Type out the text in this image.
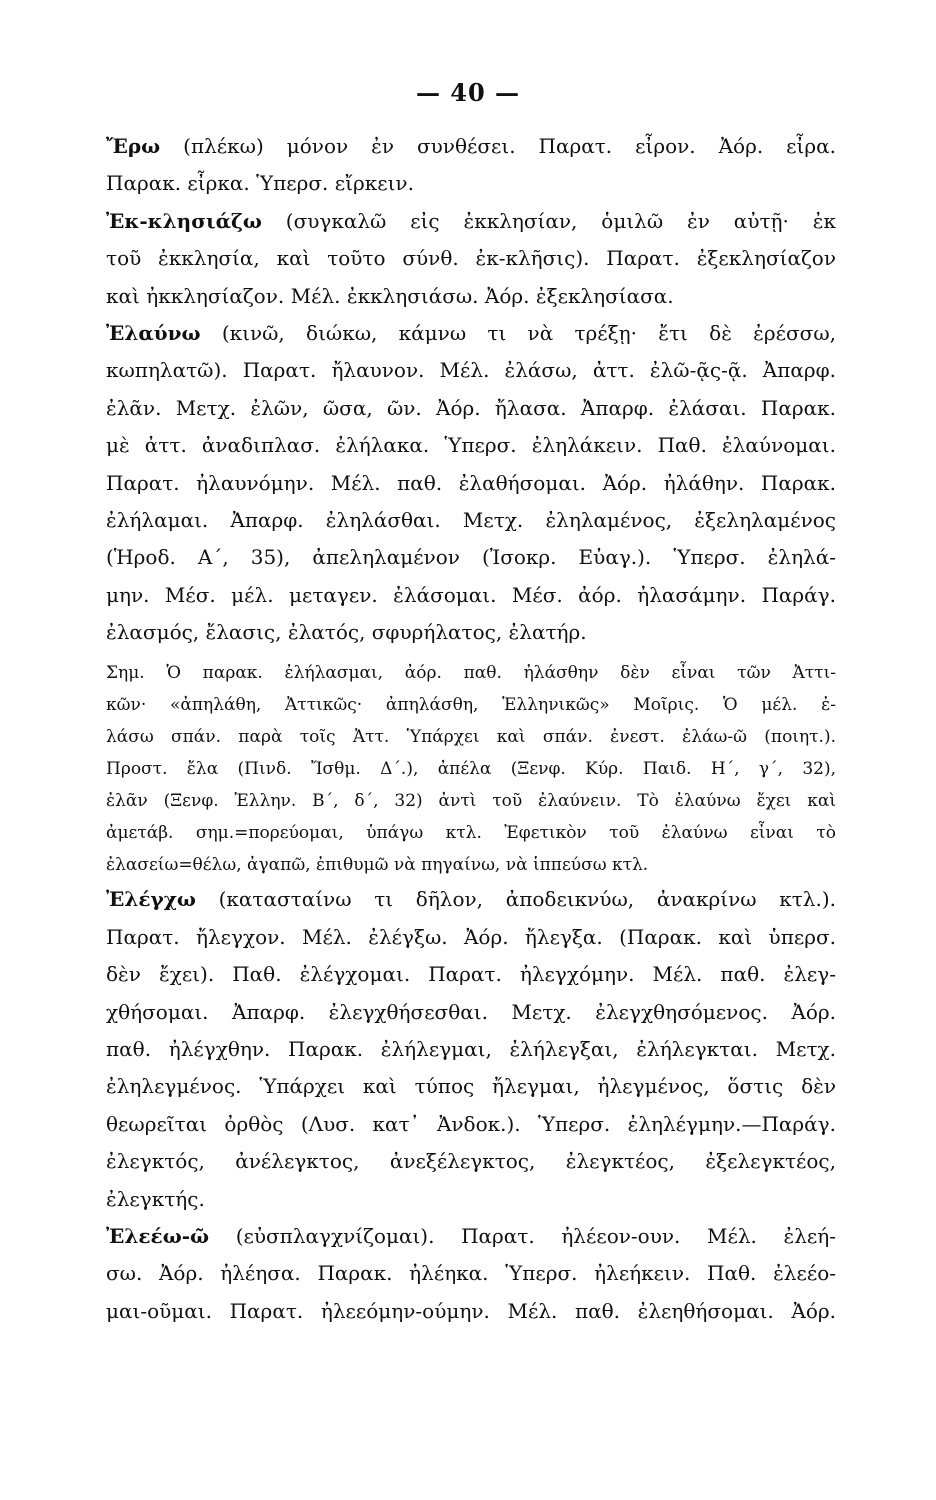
— 40 —
Ἔρω (πλέκω) μόνον ἐν συνθέσει. Παρατ. εἶρον. Ἀόρ. εἶρα.
Παρακ. εἶρκα. Ὑπερσ. εἴρκειν.
Ἐκ-κλησιάζω (συγκαλῶ εἰς ἐκκλησίαν, ὁμιλῶ ἐν αὐτῇ· ἐκ
τοῦ ἐκκλησία, καὶ τοῦτο σύνθ. ἐκ-κλῆσις). Παρατ. ἐξεκλησίαζον
καὶ ἠκκλησίαζον. Μέλ. ἐκκλησιάσω. Ἀόρ. ἐξεκλησίασα.
Ἐλαύνω (κινῶ, διώκω, κάμνω τι νὰ τρέξῃ· ἔτι δὲ ἐρέσσω,
κωπηλατῶ). Παρατ. ἤλαυνον. Μέλ. ἐλάσω, ἀττ. ἐλῶ-ᾷς-ᾷ. Ἀπαρφ.
ἐλᾶν. Μετχ. ἐλῶν, ῶσα, ῶν. Ἀόρ. ἤλασα. Ἀπαρφ. ἐλάσαι. Παρακ.
μὲ ἀττ. ἀναδιπλασ. ἐλήλακα. Ὑπερσ. ἐληλάκειν. Παθ. ἐλαύνομαι.
Παρατ. ἠλαυνόμην. Μέλ. παθ. ἐλαθήσομαι. Ἀόρ. ἠλάθην. Παρακ.
ἐλήλαμαι. Ἀπαρφ. ἐληλάσθαι. Μετχ. ἐληλαμένος, ἐξεληλαμένος
(Ἡροδ. Α΄, 35), ἀπεληλαμένον (Ἰσοκρ. Εὐαγ.). Ὑπερσ. ἐληλά-
μην. Μέσ. μέλ. μεταγεν. ἐλάσομαι. Μέσ. ἀόρ. ἠλασάμην. Παράγ.
ἐλασμός, ἔλασις, ἐλατός, σφυρήλατος, ἐλατήρ.
Σημ. Ὁ παρακ. ἐλήλασμαι, ἀόρ. παθ. ἠλάσθην δὲν εἶναι τῶν Ἀττι-
κῶν· «ἀπηλάθη, Ἀττικῶς· ἀπηλάσθη, Ἑλληνικῶς» Μοῖρις. Ὁ μέλ. ἐ-
λάσω σπάν. παρὰ τοῖς Ἀττ. Ὑπάρχει καὶ σπάν. ἐνεστ. ἐλάω-ῶ (ποιητ.).
Προστ. ἔλα (Πινδ. Ἴσθμ. Δ΄.), ἀπέλα (Ξενφ. Κύρ. Παιδ. Η΄, γ΄, 32),
ἐλᾶν (Ξενφ. Ἑλλην. Β΄, δ΄, 32) ἀντὶ τοῦ ἐλαύνειν. Τὸ ἐλαύνω ἔχει καὶ
ἀμετάβ. σημ.=πορεύομαι, ὑπάγω κτλ. Ἐφετικὸν τοῦ ἐλαύνω εἶναι τὸ
ἐλασείω=θέλω, ἀγαπῶ, ἐπιθυμῶ νὰ πηγαίνω, νὰ ἱππεύσω κτλ.
Ἐλέγχω (κατασταίνω τι δῆλον, ἀποδεικνύω, ἀνακρίνω κτλ.).
Παρατ. ἤλεγχον. Μέλ. ἐλέγξω. Ἀόρ. ἤλεγξα. (Παρακ. καὶ ὑπερσ.
δὲν ἔχει). Παθ. ἐλέγχομαι. Παρατ. ἠλεγχόμην. Μέλ. παθ. ἐλεγ-
χθήσομαι. Ἀπαρφ. ἐλεγχθήσεσθαι. Μετχ. ἐλεγχθησόμενος. Ἀόρ.
παθ. ἠλέγχθην. Παρακ. ἐλήλεγμαι, ἐλήλεγξαι, ἐλήλεγκται. Μετχ.
ἐληλεγμένος. Ὑπάρχει καὶ τύπος ἤλεγμαι, ἠλεγμένος, ὅστις δὲν
θεωρεῖται ὀρθὸς (Λυσ. κατ᾽ Ἀνδοκ.). Ὑπερσ. ἐληλέγμην.—Παράγ.
ἐλεγκτός, ἀνέλεγκτος, ἀνεξέλεγκτος, ἐλεγκτέος, ἐξελεγκτέος,
ἐλεγκτής.
Ἐλεέω-ῶ (εὐσπλαγχνίζομαι). Παρατ. ἠλέεον-ουν. Μέλ. ἐλεή-
σω. Ἀόρ. ἠλέησα. Παρακ. ἠλέηκα. Ὑπερσ. ἠλεήκειν. Παθ. ἐλεέο-
μαι-οῦμαι. Παρατ. ἠλεεόμην-ούμην. Μέλ. παθ. ἐλεηθήσομαι. Ἀόρ.
